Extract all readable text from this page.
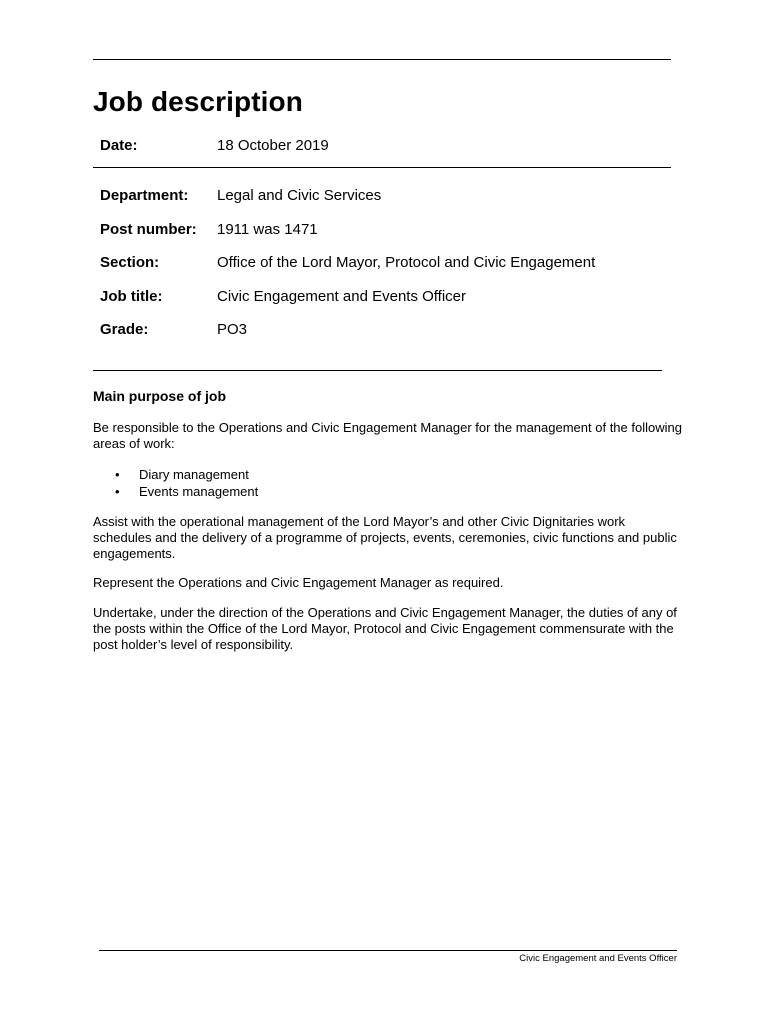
Job description
Date:	18 October 2019
Department: Legal and Civic Services
Post number: 1911 was 1471
Section:	Office of the Lord Mayor, Protocol and Civic Engagement
Job title:	Civic Engagement and Events Officer
Grade:	PO3
Main purpose of job

Be responsible to the Operations and Civic Engagement Manager for the management of the following areas of work:

• Diary management
• Events management

Assist with the operational management of the Lord Mayor’s and other Civic Dignitaries work schedules and the delivery of a programme of projects, events, ceremonies, civic functions and public engagements.

Represent the Operations and Civic Engagement Manager as required.

Undertake, under the direction of the Operations and Civic Engagement Manager, the duties of any of the posts within the Office of the Lord Mayor, Protocol and Civic Engagement commensurate with the post holder’s level of responsibility.

Civic Engagement and Events Officer
